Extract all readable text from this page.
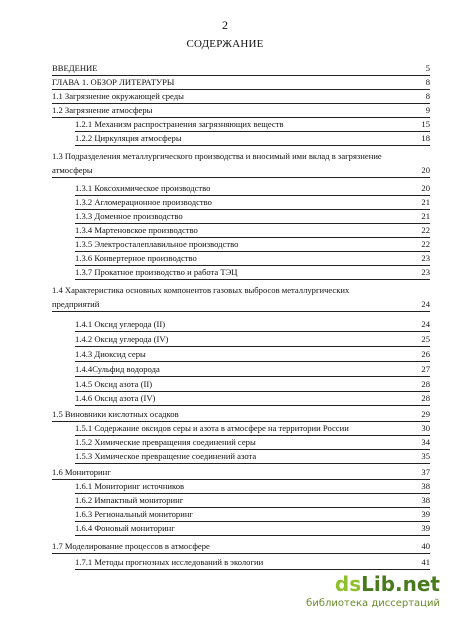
2
СОДЕРЖАНИЕ
ВВЕДЕНИЕ	5
ГЛАВА 1. ОБЗОР ЛИТЕРАТУРЫ	8
1.1 Загрязнение окружающей среды	8
1.2 Загрязнение атмосферы	9
1.2.1 Механизм распространения загрязняющих веществ	15
1.2.2 Циркуляция атмосферы	18
1.3 Подразделения металлургического производства и вносимый ими вклад в загрязнение
атмосферы	20
1.3.1 Коксохимическое производство	20
1.3.2 Агломерационное производство	21
1.3.3 Доменное производство	21
1.3.4 Мартеновское производство	22
1.3.5 Электросталеплавильное производство	22
1.3.6 Конвертерное производство	23
1.3.7 Прокатное производство и работа ТЭЦ	23
1.4 Характеристика основных компонентов газовых выбросов металлургических
предприятий	24
1.4.1 Оксид углерода (II)	24
1.4.2 Оксид углерода (IV)	25
1.4.3 Диоксид серы	26
1.4.4Сульфид водорода	27
1.4.5 Оксид азота (II)	28
1.4.6 Оксид азота (IV)	28
1.5 Виновники кислотных осадков	29
1.5.1 Содержание оксидов серы и азота в атмосфере на территории России	30
1.5.2 Химические превращения соединений серы	34
1.5.3 Химическое превращение соединений азота	35
1.6 Мониторинг	37
1.6.1 Мониторинг источников	38
1.6.2 Импактный мониторинг	38
1.6.3 Региональный мониторинг	39
1.6.4 Фоновый мониторинг	39
1.7 Моделирование процессов в атмосфере	40
1.7.1 Методы прогнозных исследований в экологии	41
dsLib.net
библиотека диссертаций
